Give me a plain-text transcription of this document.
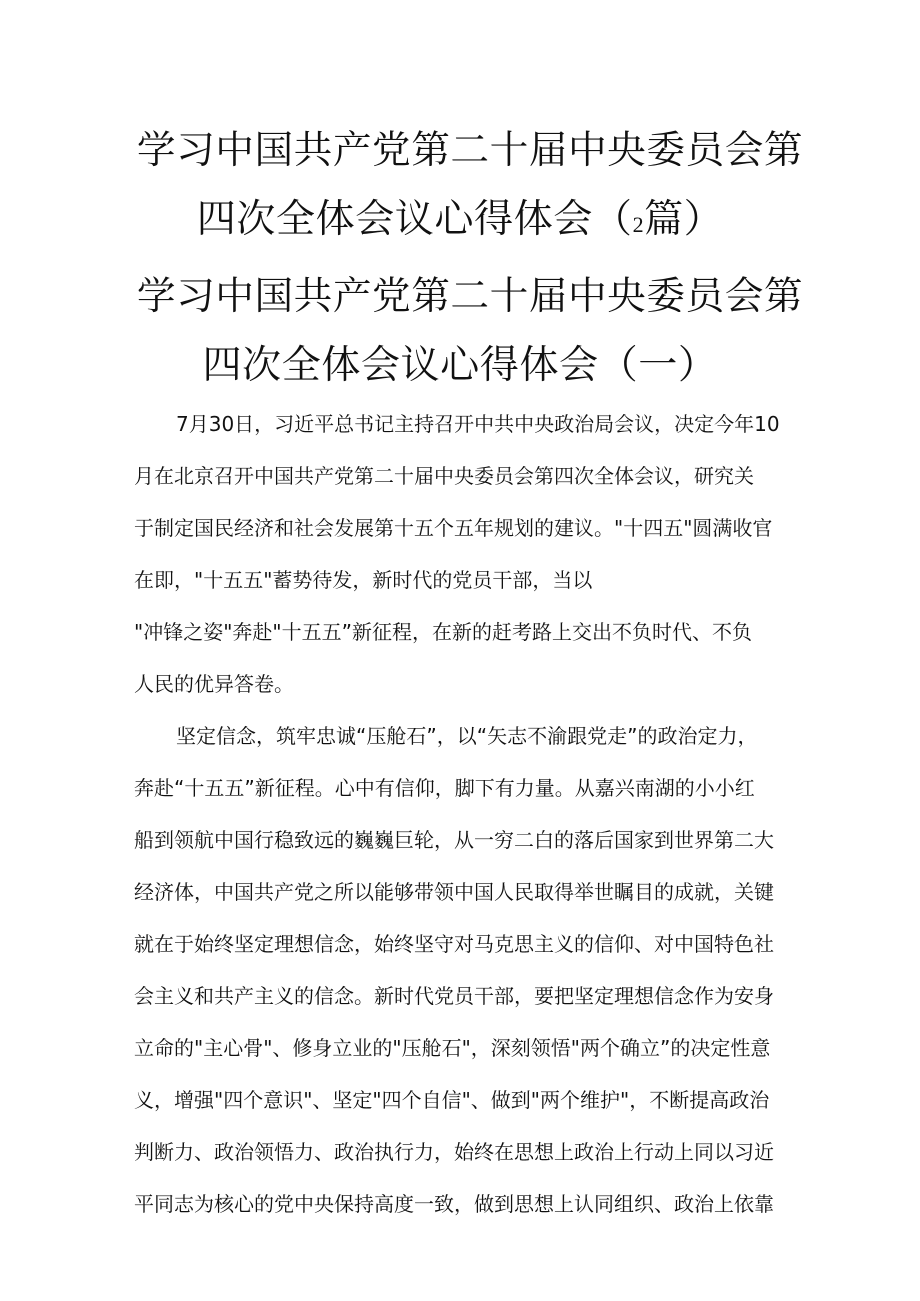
学习中国共产党第二十届中央委员会第
四次全体会议心得体会（2篇）
学习中国共产党第二十届中央委员会第
四次全体会议心得体会（一）
7月30日，习近平总书记主持召开中共中央政治局会议，决定今年10
月在北京召开中国共产党第二十届中央委员会第四次全体会议，研究关
于制定国民经济和社会发展第十五个五年规划的建议。"十四五"圆满收官
在即，"十五五"蓄势待发，新时代的党员干部，当以
"冲锋之姿"奔赴"十五五”新征程，在新的赶考路上交出不负时代、不负
人民的优异答卷。
坚定信念，筑牢忠诚“压舱石”，以“矢志不渝跟党走”的政治定力，
奔赴“十五五”新征程。心中有信仰，脚下有力量。从嘉兴南湖的小小红
船到领航中国行稳致远的巍巍巨轮，从一穷二白的落后国家到世界第二大
经济体，中国共产党之所以能够带领中国人民取得举世瞩目的成就，关键
就在于始终坚定理想信念，始终坚守对马克思主义的信仰、对中国特色社
会主义和共产主义的信念。新时代党员干部，要把坚定理想信念作为安身
立命的"主心骨"、修身立业的"压舱石"，深刻领悟"两个确立”的决定性意
义，增强"四个意识"、坚定"四个自信"、做到"两个维护"，不断提高政治
判断力、政治领悟力、政治执行力，始终在思想上政治上行动上同以习近
平同志为核心的党中央保持高度一致，做到思想上认同组织、政治上依靠
